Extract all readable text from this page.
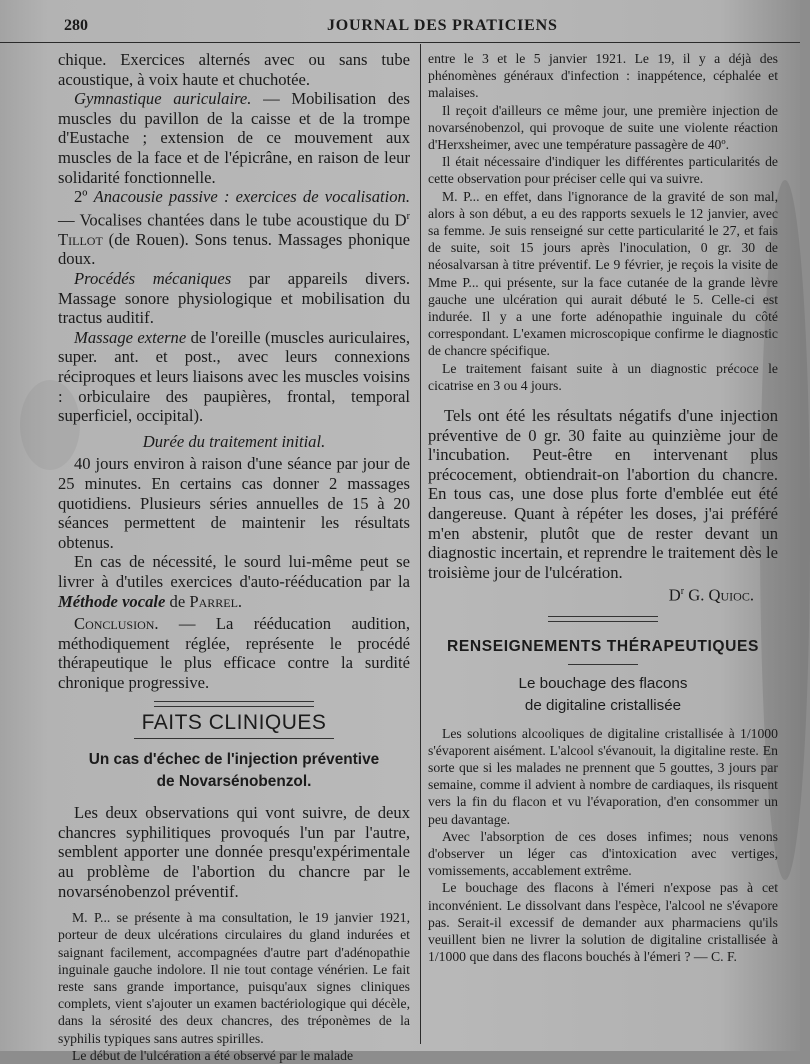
280	JOURNAL DES PRATICIENS

chique. Exercices alternés avec ou sans tube acoustique, à voix haute et chuchotée.

Gymnastique auriculaire. — Mobilisation des muscles du pavillon de la caisse et de la trompe d'Eustache ; extension de ce mouvement aux muscles de la face et de l'épicrâne, en raison de leur solidarité fonctionnelle.

2º Anacousie passive : exercices de vocalisation. — Vocalises chantées dans le tube acoustique du $D^r$ Tillot (de Rouen). Sons tenus. Massages phonique doux.

Procédés mécaniques par appareils divers. Massage sonore physiologique et mobilisation du tractus auditif.

Massage externe de l'oreille (muscles auriculaires, super. ant. et post., avec leurs connexions réciproques et leurs liaisons avec les muscles voisins : orbiculaire des paupières, frontal, temporal superficiel, occipital).

Durée du traitement initial.

40 jours environ à raison d'une séance par jour de 25 minutes. En certains cas donner 2 massages quotidiens. Plusieurs séries annuelles de 15 à 20 séances permettent de maintenir les résultats obtenus.

En cas de nécessité, le sourd lui-même peut se livrer à d'utiles exercices d'auto-rééducation par la Méthode vocale de Parrel.

Conclusion. — La rééducation audition, méthodiquement réglée, représente le procédé thérapeutique le plus efficace contre la surdité chronique progressive.

FAITS CLINIQUES
Un cas d'échec de l'injection préventive
de Novarsénobenzol.

Les deux observations qui vont suivre, de deux chancres syphilitiques provoqués l'un par l'autre, semblent apporter une donnée presqu'expérimentale au problème de l'abortion du chancre par le novarsénobenzol préventif.

M. P... se présente à ma consultation, le 19 janvier 1921, porteur de deux ulcérations circulaires du gland indurées et saignant facilement, accompagnées d'autre part d'adénopathie inguinale gauche indolore. Il nie tout contage vénérien. Le fait reste sans grande importance, puisqu'aux signes cliniques complets, vient s'ajouter un examen bactériologique qui décèle, dans la sérosité des deux chancres, des tréponèmes de la syphilis typiques sans autres spirilles.

Le début de l'ulcération a été observé par le malade

entre le 3 et le 5 janvier 1921. Le 19, il y a déjà des phénomènes généraux d'infection : inappétence, céphalée et malaises.

Il reçoit d'ailleurs ce même jour, une première injection de novarsénobenzol, qui provoque de suite une violente réaction d'Herxsheimer, avec une température passagère de 40º.

Il était nécessaire d'indiquer les différentes particularités de cette observation pour préciser celle qui va suivre.

M. P... en effet, dans l'ignorance de la gravité de son mal, alors à son début, a eu des rapports sexuels le 12 janvier, avec sa femme. Je suis renseigné sur cette particularité le 27, et fais de suite, soit 15 jours après l'inoculation, 0 gr. 30 de néosalvarsan à titre préventif. Le 9 février, je reçois la visite de Mme P... qui présente, sur la face cutanée de la grande lèvre gauche une ulcération qui aurait débuté le 5. Celle-ci est indurée. Il y a une forte adénopathie inguinale du côté correspondant. L'examen microscopique confirme le diagnostic de chancre spécifique.

Le traitement faisant suite à un diagnostic précoce le cicatrise en 3 ou 4 jours.

Tels ont été les résultats négatifs d'une injection préventive de 0 gr. 30 faite au quinzième jour de l'incubation. Peut-être en intervenant plus précocement, obtiendrait-on l'abortion du chancre. En tous cas, une dose plus forte d'emblée eut été dangereuse. Quant à répéter les doses, j'ai préféré m'en abstenir, plutôt que de rester devant un diagnostic incertain, et reprendre le traitement dès le troisième jour de l'ulcération.

$D^r$ G. Quioc.

RENSEIGNEMENTS THÉRAPEUTIQUES
Le bouchage des flacons
de digitaline cristallisée

Les solutions alcooliques de digitaline cristallisée à 1/1000 s'évaporent aisément. L'alcool s'évanouit, la digitaline reste. En sorte que si les malades ne prennent que 5 gouttes, 3 jours par semaine, comme il advient à nombre de cardiaques, ils risquent vers la fin du flacon et vu l'évaporation, d'en consommer un peu davantage.

Avec l'absorption de ces doses infimes; nous venons d'observer un léger cas d'intoxication avec vertiges, vomissements, accablement extrême.

Le bouchage des flacons à l'émeri n'expose pas à cet inconvénient. Le dissolvant dans l'espèce, l'alcool ne s'évapore pas. Serait-il excessif de demander aux pharmaciens qu'ils veuillent bien ne livrer la solution de digitaline cristallisée à 1/1000 que dans des flacons bouchés à l'émeri ? — C. F.
